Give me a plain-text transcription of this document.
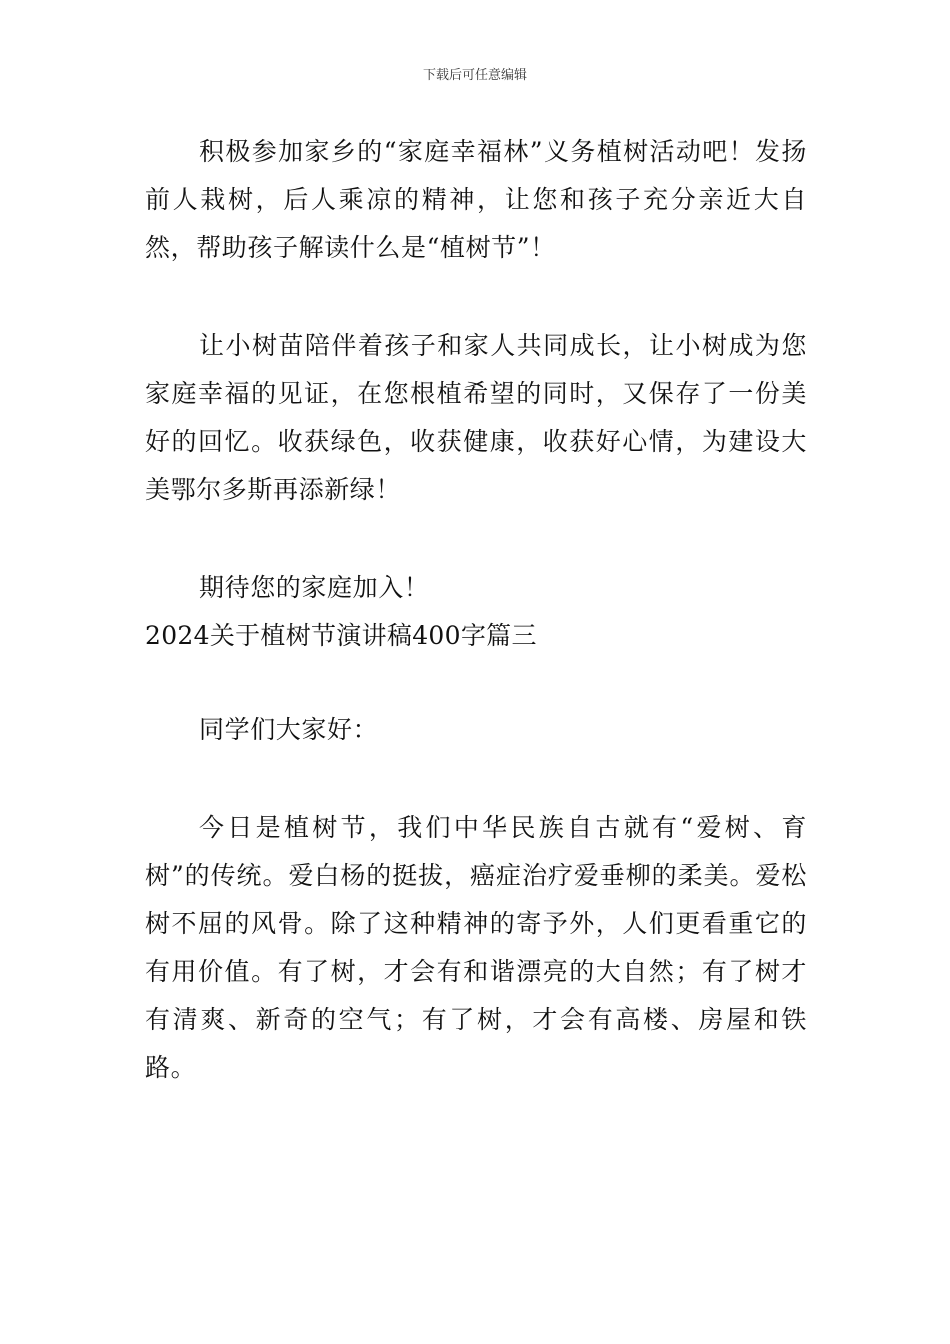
下载后可任意编辑

积极参加家乡的“家庭幸福林”义务植树活动吧！发扬前人栽树，后人乘凉的精神，让您和孩子充分亲近大自然，帮助孩子解读什么是“植树节”！

让小树苗陪伴着孩子和家人共同成长，让小树成为您家庭幸福的见证，在您根植希望的同时，又保存了一份美好的回忆。收获绿色，收获健康，收获好心情，为建设大美鄂尔多斯再添新绿！

期待您的家庭加入！

2024关于植树节演讲稿400字篇三

同学们大家好：

今日是植树节，我们中华民族自古就有“爱树、育树”的传统。爱白杨的挺拔，癌症治疗爱垂柳的柔美。爱松树不屈的风骨。除了这种精神的寄予外，人们更看重它的有用价值。有了树，才会有和谐漂亮的大自然；有了树才有清爽、新奇的空气；有了树，才会有高楼、房屋和铁路。
